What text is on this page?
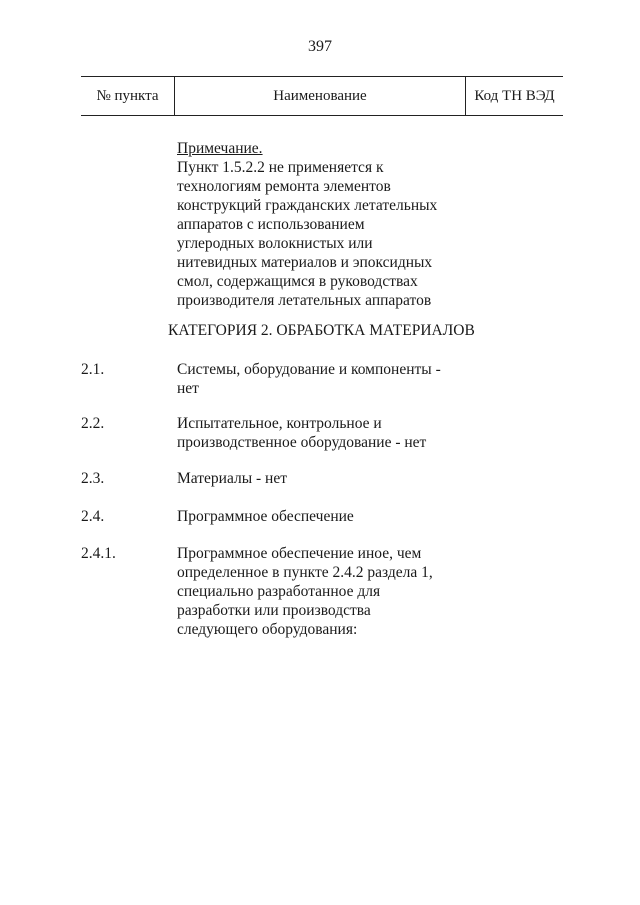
397
№ пункта	Наименование	Код ТН ВЭД
Примечание.
Пункт 1.5.2.2 не применяется к
технологиям ремонта элементов
конструкций гражданских летательных
аппаратов с использованием
углеродных волокнистых или
нитевидных материалов и эпоксидных
смол, содержащимся в руководствах
производителя летательных аппаратов
КАТЕГОРИЯ 2. ОБРАБОТКА МАТЕРИАЛОВ
2.1.	Системы, оборудование и компоненты -
нет
2.2.	Испытательное, контрольное и
производственное оборудование - нет
2.3.	Материалы - нет
2.4.	Программное обеспечение
2.4.1.	Программное обеспечение иное, чем
определенное в пункте 2.4.2 раздела 1,
специально разработанное для
разработки или производства
следующего оборудования:
